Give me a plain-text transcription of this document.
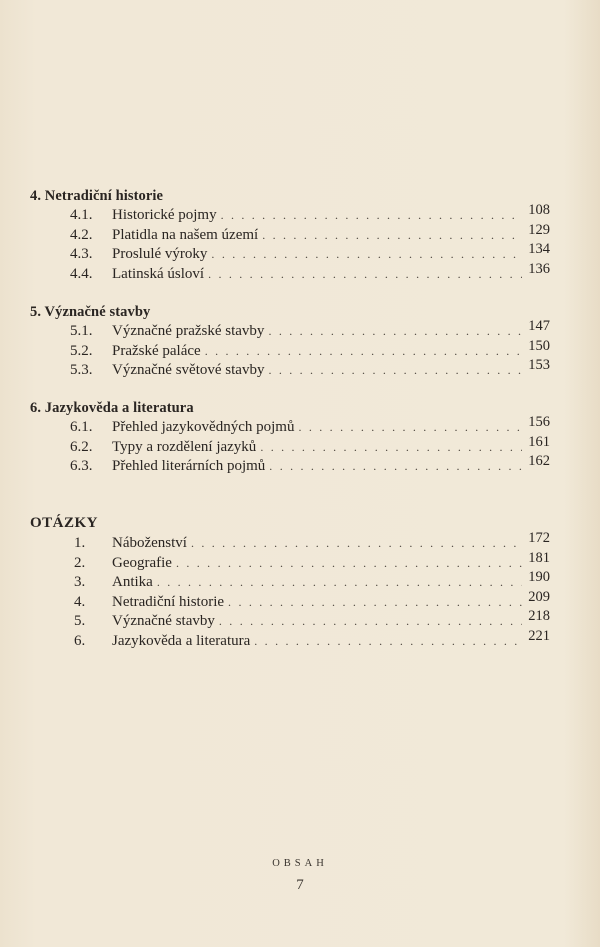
4. Netradiční historie
4.1.	Historické pojmy . . .	108
4.2.	Platidla na našem území . . .	129
4.3.	Proslulé výroky . . .	134
4.4.	Latinská úsloví . . .	136
5. Význačné stavby
5.1.	Význačné pražské stavby . . .	147
5.2.	Pražské paláce . . .	150
5.3.	Význačné světové stavby . . .	153
6. Jazykověda a literatura
6.1.	Přehled jazykovědných pojmů . . .	156
6.2.	Typy a rozdělení jazyků . . .	161
6.3.	Přehled literárních pojmů . . .	162
OTÁZKY
1.	Náboženství . . .	172
2.	Geografie . . .	181
3.	Antika . . .	190
4.	Netradiční historie . . .	209
5.	Význačné stavby . . .	218
6.	Jazykověda a literatura . . .	221
OBSAH
7
